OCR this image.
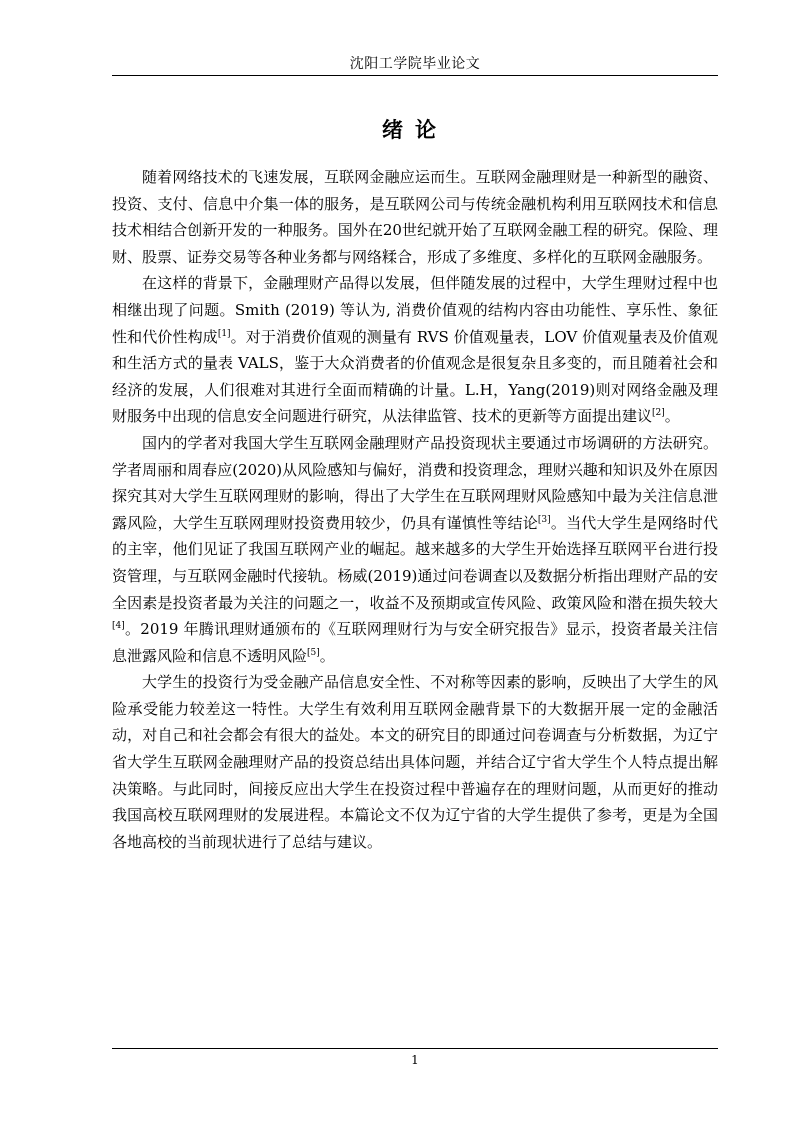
沈阳工学院毕业论文
绪论

随着网络技术的飞速发展，互联网金融应运而生。互联网金融理财是一种新型的融资、投资、支付、信息中介集一体的服务，是互联网公司与传统金融机构利用互联网技术和信息技术相结合创新开发的一种服务。国外在20世纪就开始了互联网金融工程的研究。保险、理财、股票、证券交易等各种业务都与网络糅合，形成了多维度、多样化的互联网金融服务。

在这样的背景下，金融理财产品得以发展，但伴随发展的过程中，大学生理财过程中也相继出现了问题。Smith (2019) 等认为, 消费价值观的结构内容由功能性、享乐性、象征性和代价性构成[1]。对于消费价值观的测量有 RVS 价值观量表，LOV 价值观量表及价值观和生活方式的量表 VALS，鉴于大众消费者的价值观念是很复杂且多变的，而且随着社会和经济的发展，人们很难对其进行全面而精确的计量。L.H，Yang(2019)则对网络金融及理财服务中出现的信息安全问题进行研究，从法律监管、技术的更新等方面提出建议[2]。

国内的学者对我国大学生互联网金融理财产品投资现状主要通过市场调研的方法研究。学者周丽和周春应(2020)从风险感知与偏好，消费和投资理念，理财兴趣和知识及外在原因探究其对大学生互联网理财的影响，得出了大学生在互联网理财风险感知中最为关注信息泄露风险，大学生互联网理财投资费用较少，仍具有谨慎性等结论[3]。当代大学生是网络时代的主宰，他们见证了我国互联网产业的崛起。越来越多的大学生开始选择互联网平台进行投资管理，与互联网金融时代接轨。杨威(2019)通过问卷调查以及数据分析指出理财产品的安全因素是投资者最为关注的问题之一，收益不及预期或宣传风险、政策风险和潜在损失较大[4]。2019 年腾讯理财通颁布的《互联网理财行为与安全研究报告》显示，投资者最关注信息泄露风险和信息不透明风险[5]。

大学生的投资行为受金融产品信息安全性、不对称等因素的影响，反映出了大学生的风险承受能力较差这一特性。大学生有效利用互联网金融背景下的大数据开展一定的金融活动，对自己和社会都会有很大的益处。本文的研究目的即通过问卷调查与分析数据，为辽宁省大学生互联网金融理财产品的投资总结出具体问题，并结合辽宁省大学生个人特点提出解决策略。与此同时，间接反应出大学生在投资过程中普遍存在的理财问题，从而更好的推动我国高校互联网理财的发展进程。本篇论文不仅为辽宁省的大学生提供了参考，更是为全国各地高校的当前现状进行了总结与建议。

1
